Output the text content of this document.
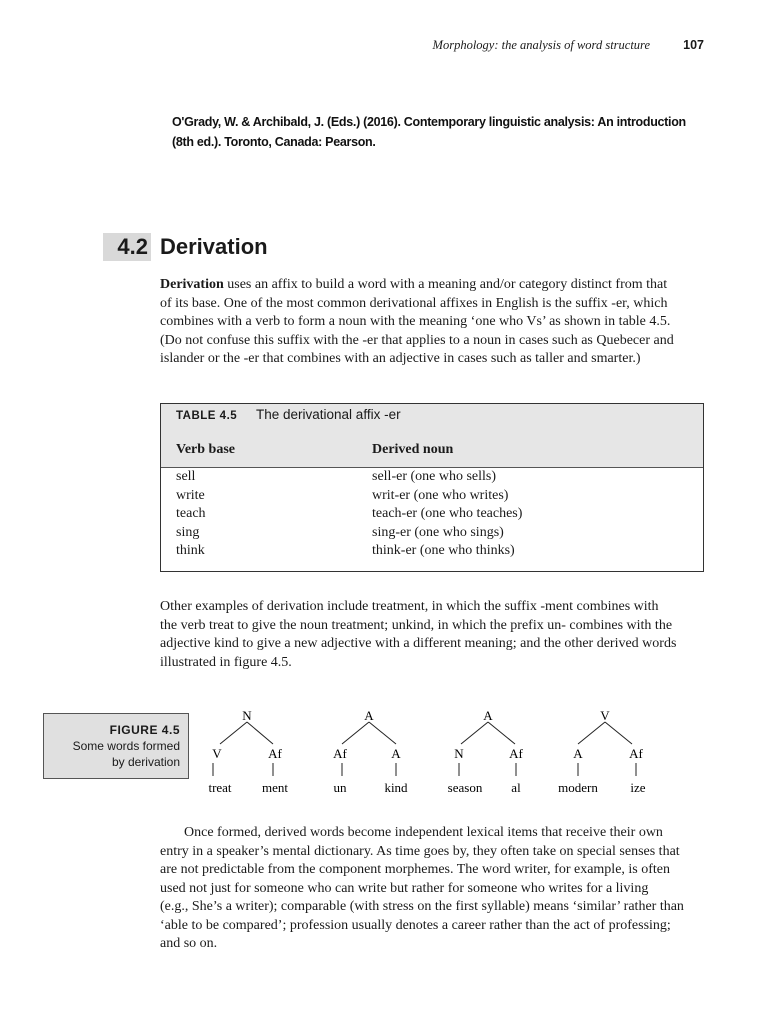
Morphology: the analysis of word structure	107
O'Grady, W. & Archibald, J. (Eds.) (2016). Contemporary linguistic analysis: An introduction
(8th ed.). Toronto, Canada: Pearson.
4.2 Derivation
Derivation uses an affix to build a word with a meaning and/or category distinct from that
of its base. One of the most common derivational affixes in English is the suffix -er, which
combines with a verb to form a noun with the meaning ‘one who Vs’ as shown in table 4.5.
(Do not confuse this suffix with the -er that applies to a noun in cases such as Quebecer and
islander or the -er that combines with an adjective in cases such as taller and smarter.)
TABLE 4.5 The derivational affix -er
Verb base	Derived noun
sell	sell-er (one who sells)
write	writ-er (one who writes)
teach	teach-er (one who teaches)
sing	sing-er (one who sings)
think	think-er (one who thinks)
Other examples of derivation include treatment, in which the suffix -ment combines with
the verb treat to give the noun treatment; unkind, in which the prefix un- combines with the
adjective kind to give a new adjective with a different meaning; and the other derived words
illustrated in figure 4.5.
FIGURE 4.5
Some words formed
by derivation
N
V	Af
treat ment
A
Af	A
un	kind
A
N	Af
season al
V
A	Af
modern	ize
Once formed, derived words become independent lexical items that receive their own
entry in a speaker’s mental dictionary. As time goes by, they often take on special senses that
are not predictable from the component morphemes. The word writer, for example, is often
used not just for someone who can write but rather for someone who writes for a living
(e.g., She’s a writer); comparable (with stress on the first syllable) means ‘similar’ rather than
‘able to be compared’; profession usually denotes a career rather than the act of professing;
and so on.
